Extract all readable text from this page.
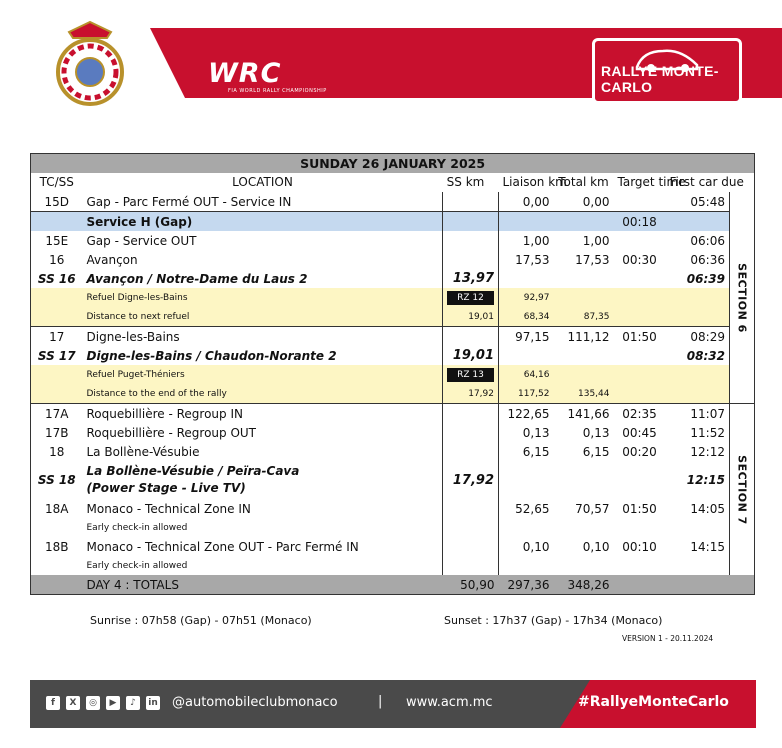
WRC
FIA WORLD RALLY CHAMPIONSHIP
RALLYE MONTE-CARLO
SUNDAY 26 JANUARY 2025							
TC/SS	LOCATION	SS km	Liaison km	Total km	Target time	First car due	
15D	Gap - Parc Fermé OUT - Service IN		0,00	0,00		05:48	SECTION 6

	Service H (Gap)				00:18		
15E	Gap - Service OUT		1,00	1,00		06:06	
16	Avançon		17,53	17,53	00:30	06:36	
SS 16	Avançon / Notre-Dame du Laus 2	13,97				06:39	

	Refuel Digne-les-Bains	RZ 12	92,97				

	Distance to next refuel	19,01	68,34	87,35			
17	Digne-les-Bains		97,15	111,12	01:50	08:29	
SS 17	Digne-les-Bains / Chaudon-Norante 2	19,01				08:32	

	Refuel Puget-Théniers	RZ 13	64,16				

	Distance to the end of the rally	17,92	117,52	135,44			
17A	Roquebillière - Regroup IN		122,65	141,66	02:35	11:07	SECTION 7

17B	Roquebillière - Regroup OUT		0,13	0,13	00:45	11:52	
18	La Bollène-Vésubie		6,15	6,15	00:20	12:12	
SS 18	La Bollène-Vésubie / Peïra-Cava
(Power Stage - Live TV)	17,92				12:15	
18A	Monaco - Technical Zone IN		52,65	70,57	01:50	14:05	

	Early check-in allowed						

18B	Monaco - Technical Zone OUT - Parc Fermé IN		0,10	0,10	00:10	14:15	

	Early check-in allowed						

	DAY 4 : TOTALS	50,90	297,36	348,26			
Sunrise : 07h58 (Gap) - 07h51 (Monaco)	Sunset : 17h37 (Gap) - 17h34 (Monaco)
VERSION 1 - 20.11.2024
f	X	◎	▶	♪	in @automobileclubmonaco	| www.acm.mc	#RallyeMonteCarlo
